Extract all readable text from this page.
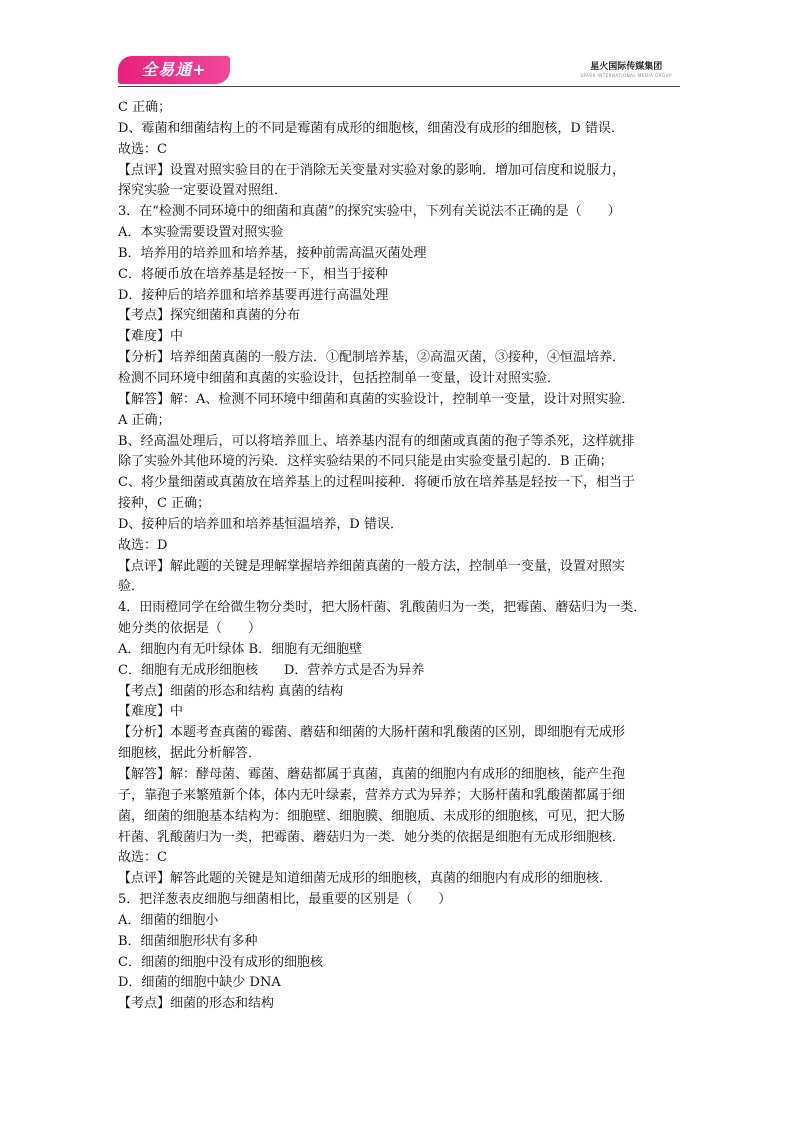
全易通+	星火国际传媒集团
SPARK INTERNATIONAL MEDIA GROUP
C 正确；
D、霉菌和细菌结构上的不同是霉菌有成形的细胞核，细菌没有成形的细胞核，D 错误．
故选：C
【点评】设置对照实验目的在于消除无关变量对实验对象的影响．增加可信度和说服力，
探究实验一定要设置对照组．
3．在“检测不同环境中的细菌和真菌”的探究实验中，下列有关说法不正确的是（　　）
A．本实验需要设置对照实验
B．培养用的培养皿和培养基，接种前需高温灭菌处理
C．将硬币放在培养基是轻按一下，相当于接种
D．接种后的培养皿和培养基要再进行高温处理
【考点】探究细菌和真菌的分布
【难度】中
【分析】培养细菌真菌的一般方法．①配制培养基，②高温灭菌，③接种，④恒温培养．
检测不同环境中细菌和真菌的实验设计，包括控制单一变量，设计对照实验．
【解答】解：A、检测不同环境中细菌和真菌的实验设计，控制单一变量，设计对照实验．
A 正确；
B、经高温处理后，可以将培养皿上、培养基内混有的细菌或真菌的孢子等杀死，这样就排
除了实验外其他环境的污染．这样实验结果的不同只能是由实验变量引起的．B 正确；
C、将少量细菌或真菌放在培养基上的过程叫接种．将硬币放在培养基是轻按一下，相当于
接种，C 正确；
D、接种后的培养皿和培养基恒温培养，D 错误．
故选：D
【点评】解此题的关键是理解掌握培养细菌真菌的一般方法，控制单一变量，设置对照实
验．
4．田雨橙同学在给微生物分类时，把大肠杆菌、乳酸菌归为一类，把霉菌、蘑菇归为一类．
她分类的依据是（　　）
A．细胞内有无叶绿体 B．细胞有无细胞壁
C．细胞有无成形细胞核　　D．营养方式是否为异养
【考点】细菌的形态和结构 真菌的结构
【难度】中
【分析】本题考查真菌的霉菌、蘑菇和细菌的大肠杆菌和乳酸菌的区别，即细胞有无成形
细胞核，据此分析解答．
【解答】解：酵母菌、霉菌、蘑菇都属于真菌，真菌的细胞内有成形的细胞核，能产生孢
子，靠孢子来繁殖新个体，体内无叶绿素，营养方式为异养；大肠杆菌和乳酸菌都属于细
菌，细菌的细胞基本结构为：细胞壁、细胞膜、细胞质、未成形的细胞核，可见，把大肠
杆菌、乳酸菌归为一类，把霉菌、蘑菇归为一类．她分类的依据是细胞有无成形细胞核．
故选：C
【点评】解答此题的关键是知道细菌无成形的细胞核，真菌的细胞内有成形的细胞核．
5．把洋葱表皮细胞与细菌相比，最重要的区别是（　　）
A．细菌的细胞小
B．细菌细胞形状有多种
C．细菌的细胞中没有成形的细胞核
D．细菌的细胞中缺少 DNA
【考点】细菌的形态和结构
